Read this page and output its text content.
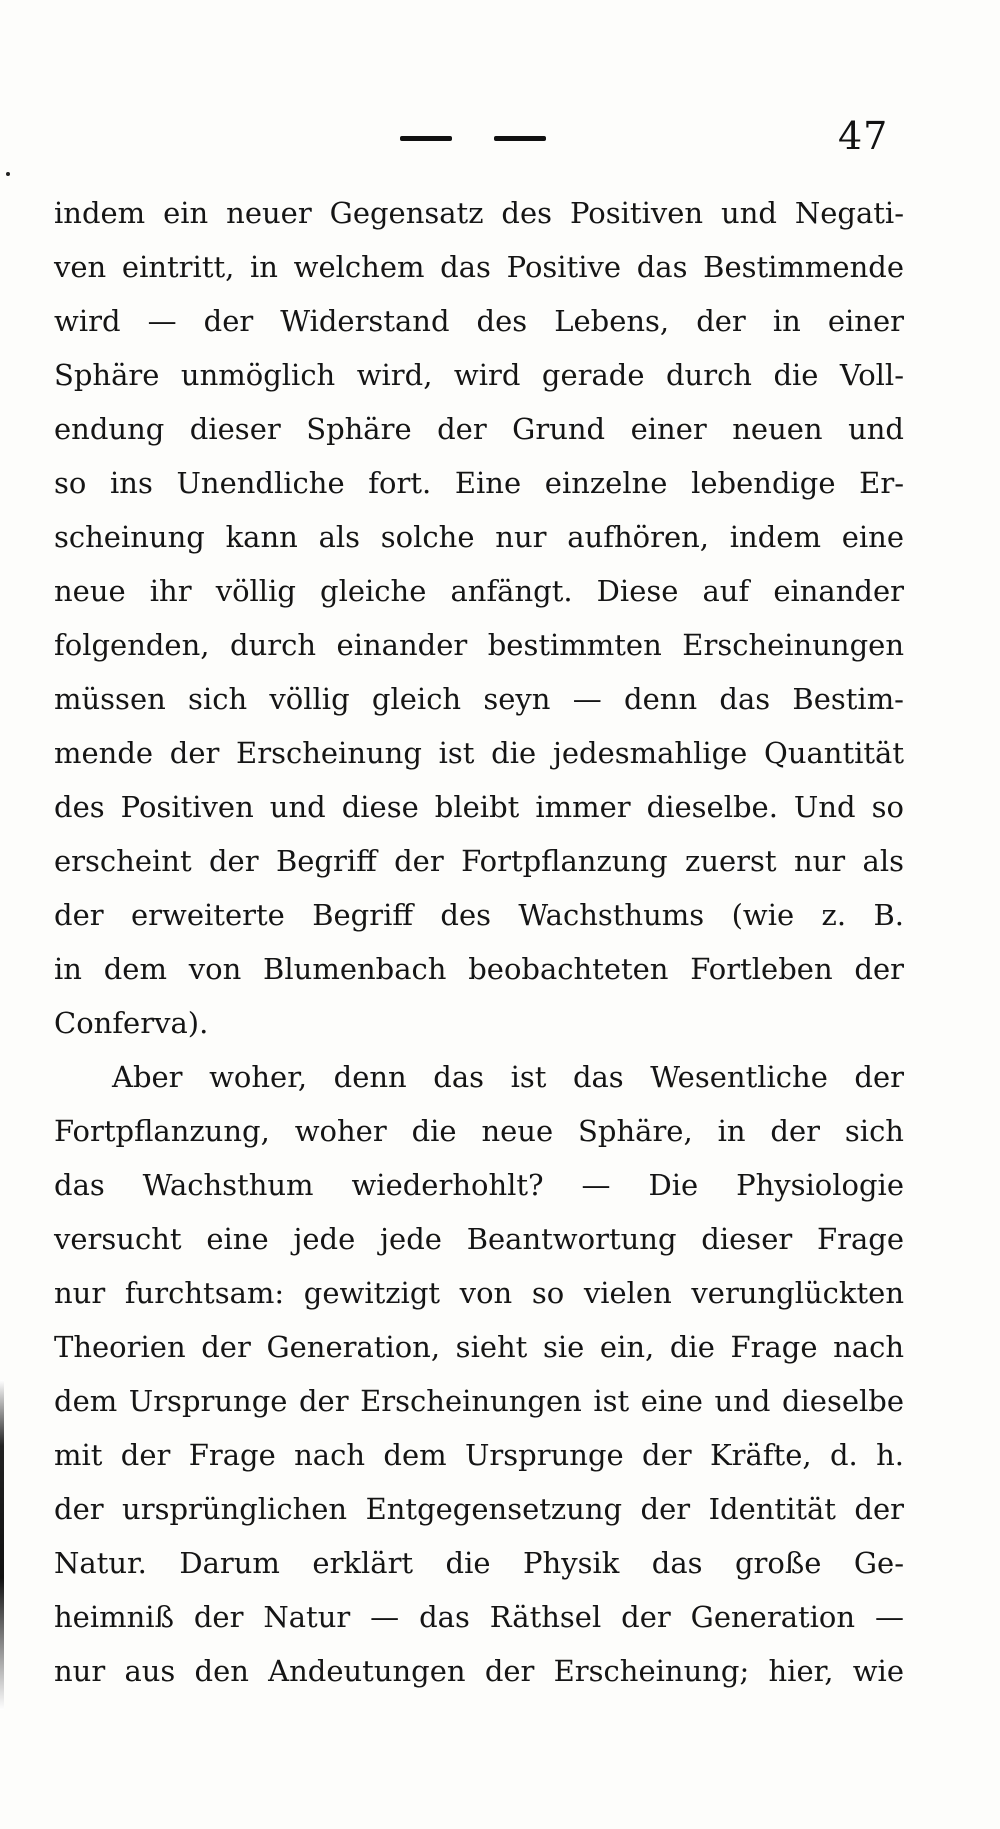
47
indem ein neuer Gegensatz des Positiven und Negati-
ven eintritt, in welchem das Positive das Bestimmende
wird — der Widerstand des Lebens, der in einer
Sphäre unmöglich wird, wird gerade durch die Voll-
endung dieser Sphäre der Grund einer neuen und
so ins Unendliche fort. Eine einzelne lebendige Er-
scheinung kann als solche nur aufhören, indem eine
neue ihr völlig gleiche anfängt. Diese auf einander
folgenden, durch einander bestimmten Erscheinungen
müssen sich völlig gleich seyn — denn das Bestim-
mende der Erscheinung ist die jedesmahlige Quantität
des Positiven und diese bleibt immer dieselbe. Und so
erscheint der Begriff der Fortpflanzung zuerst nur als
der erweiterte Begriff des Wachsthums (wie z. B.
in dem von Blumenbach beobachteten Fortleben der
Conferva).
Aber woher, denn das ist das Wesentliche der
Fortpflanzung, woher die neue Sphäre, in der sich
das Wachsthum wiederhohlt? — Die Physiologie
versucht eine jede jede Beantwortung dieser Frage
nur furchtsam: gewitzigt von so vielen verunglückten
Theorien der Generation, sieht sie ein, die Frage nach
dem Ursprunge der Erscheinungen ist eine und dieselbe
mit der Frage nach dem Ursprunge der Kräfte, d. h.
der ursprünglichen Entgegensetzung der Identität der
Natur. Darum erklärt die Physik das große Ge-
heimniß der Natur — das Räthsel der Generation —
nur aus den Andeutungen der Erscheinung; hier, wie
